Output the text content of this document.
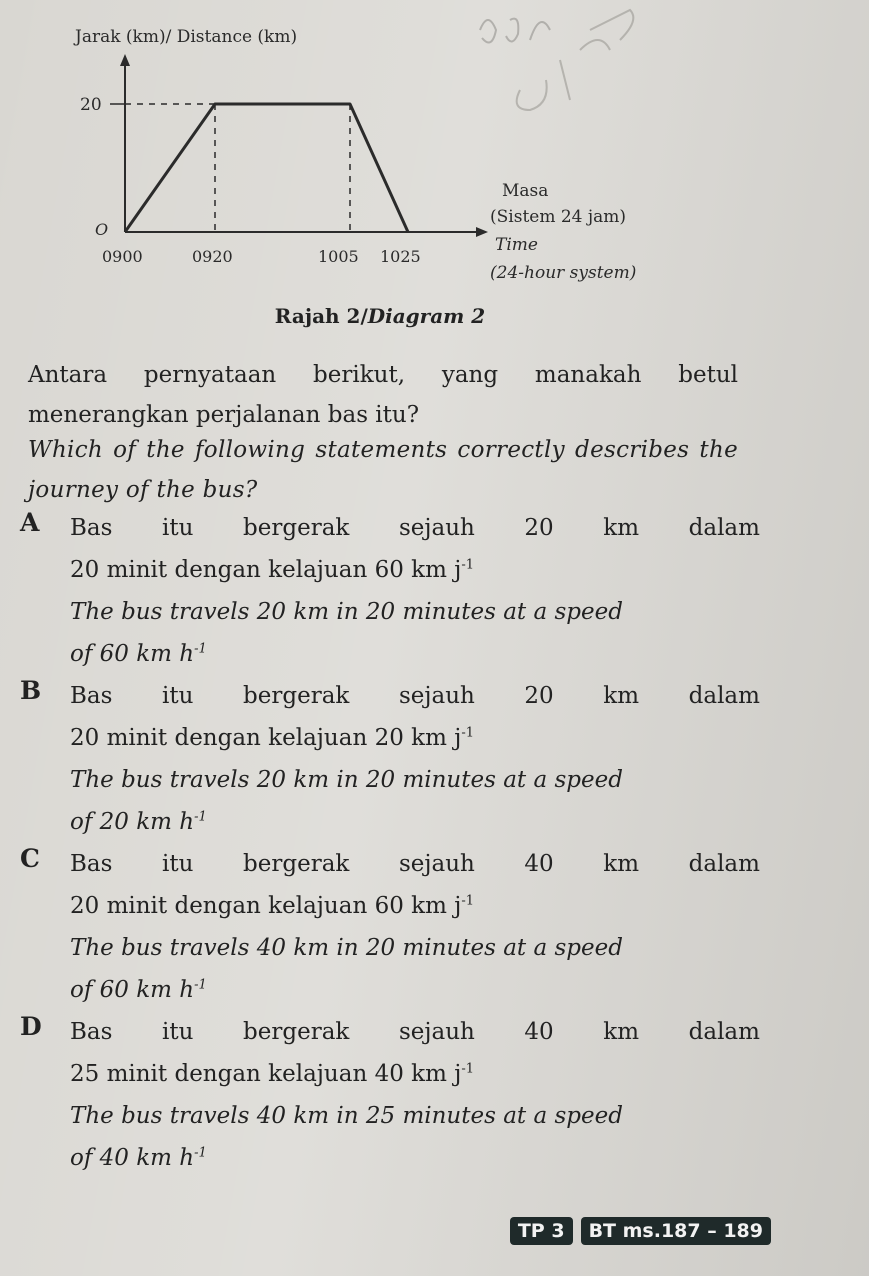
Jarak (km)/ Distance (km)
20
O
0900	0920	1005 1025
Masa
(Sistem 24 jam)
Time
(24-hour system)
Rajah 2/Diagram 2
Antara pernyataan berikut, yang manakah betul menerangkan perjalanan bas itu?
Which of the following statements correctly describes the journey of the bus?
A Bas itu bergerak sejauh 20 km dalam
20 minit dengan kelajuan 60 km $j^{-1}$
The bus travels 20 km in 20 minutes at a speed
of 60 km $h^{-1}$
B Bas itu bergerak sejauh 20 km dalam
20 minit dengan kelajuan 20 km $j^{-1}$
The bus travels 20 km in 20 minutes at a speed
of 20 km $h^{-1}$
C Bas itu bergerak sejauh 40 km dalam
20 minit dengan kelajuan 60 km $j^{-1}$
The bus travels 40 km in 20 minutes at a speed
of 60 km $h^{-1}$
D Bas itu bergerak sejauh 40 km dalam
25 minit dengan kelajuan 40 km $j^{-1}$
The bus travels 40 km in 25 minutes at a speed
of 40 km $h^{-1}$
TP 3	BT ms.187 – 189
